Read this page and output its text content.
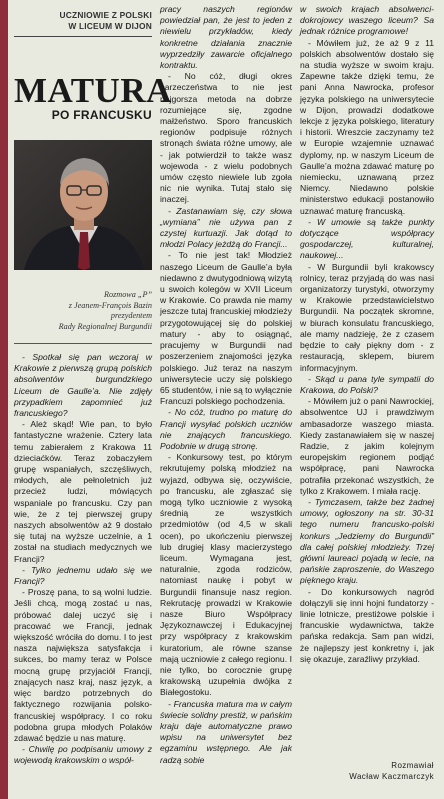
UCZNIOWIE Z POLSKI
W LICEUM W DIJON
MATURA
PO FRANCUSKU
Rozmowa „P”
z Jeanem-François Bazin
prezydentem
Rady Regionalnej Burgundii

- Spotkał się pan wczoraj w Krakowie z pierwszą grupą polskich absolwentów burgundzkiego Liceum de Gaulle’a. Nie zdjęły przypadkiem zapomnieć już francuskiego?

- Ależ skąd! Wie pan, to było fantastyczne wrażenie. Cztery lata temu zabierałem z Krakowa 11 dzieciaćków. Teraz zobaczyłem grupę wspaniałych, szczęśliwych, młodych, ale pełnoletnich już przecież ludzi, mówiących wspaniale po francusku. Czy pan wie, że z tej pierwszej grupy naszych absolwentów aż 9 dostało się tutaj na wyższe uczelnie, a 1 został na studiach medycznych we Francji?

- Tylko jednemu udało się we Francji?

- Proszę pana, to są wolni ludzie. Jeśli chcą, mogą zostać u nas, próbować dalej uczyć się i pracować we Francji, jednak większość wróciła do domu. I to jest nasza największa satysfakcja i sukces, bo mamy teraz w Polsce mocną grupę przyjaciół Francji, znających nasz kraj, nasz język, a więc bardzo potrzebnych do faktycznego rozwijania polsko-francuskiej współpracy. I co roku podobna grupa młodych Polaków zdawać będzie u nas maturę.

- Chwilę po podpisaniu umowy z wojewodą krakowskim o współ-

pracy naszych regionów powiedział pan, że jest to jeden z niewielu przykładów, kiedy konkretne działania znacznie wyprzedziły zawarcie oficjalnego kontraktu.

- No cóż, długi okres narzeczeństwa to nie jest najgorsza metoda na dobrze rozumiejące się, zgodne małżeństwo. Sporo francuskich regionów podpisuje różnych stronąch świata różne umowy, ale - jak potwierdził to także wasz wojewoda - z wielu podobnych umów często niewiele lub zgoła nic nie wynika. Tutaj stało się inaczej.

- Zastanawiam się, czy słowa „wymiana” nie używa pan z czystej kurtuazji. Jak dotąd to młodzi Polacy jeżdżą do Francji...

- To nie jest tak! Młodzież naszego Liceum de Gaulle’a była niedawno z dwutygodniową wizytą u swoich kolegów w XVII Liceum w Krakowie. Co prawda nie mamy jeszcze tutaj francuskiej młodzieży przygotowującej się do polskiej matury - aby to osiągnąć, pracujemy w Burgundii nad poszerzeniem znajomości języka polskiego. Już teraz na naszym uniwersytecie uczy się polskiego 65 studentów, i nie są to wyłącznie Francuzi polskiego pochodzenia.

- No cóż, trudno po maturę do Francji wysyłać polskich uczniów nie znających francuskiego. Podobnie w drugą stronę.

- Konkursowy test, po którym rekrutujemy polską młodzież na wyjazd, odbywa się, oczywiście, po francusku, ale zgłaszać się mogą tylko uczniowie z wysoką średnią ze wszystkich przedmiotów (od 4,5 w skali ocen), po ukończeniu pierwszej lub drugiej klasy macierzystego liceum. Wymagana jest, naturalnie, zgoda rodziców, natomiast naukę i pobyt w Burgundii finansuje nasz region. Rekrutację prowadzi w Krakowie nasze Biuro Współpracy Językoznawczej i Edukacyjnej przy współpracy z krakowskim kuratorium, ale równe szanse mają uczniowie z całego regionu. I nie tylko, bo corocznie grupę krakowską uzupełnia dwójka z Białegostoku.

- Francuska matura ma w całym świecie solidny prestiż, w pańskim kraju daje automatyczne prawo wpisu na uniwersytet bez egzaminu wstępnego. Ale jak radzą sobie

w swoich krajach absolwenci-dokrojowcy waszego liceum? Sa jednak różnice programowe!

- Mówiłem już, że aż 9 z 11 polskich absolwentów dostało się na studia wyższe w swoim kraju. Zapewne także dzięki temu, że pani Anna Nawrocka, profesor języka polskiego na uniwersytecie w Dijon, prowadzi dodatkowe lekcje z języka polskiego, literatury i historii. Wreszcie zaczynamy też w Europie wzajemnie uznawać dyplomy, np. w naszym Liceum de Gaulle’a można zdawać maturę po niemiecku, uznawaną przez Niemcy. Niedawno polskie ministerstwo edukacji postanowiło uznawać maturę francuską.

- W umowie są także punkty dotyczące współpracy gospodarczej, kulturalnej, naukowej...

- W Burgundii byli krakowscy rolnicy, teraz przyjadą do was nasi organizatorzy turystyki, otworzymy w Krakowie przedstawicielstwo Burgundii. Na początek skromne, w biurach konsulatu francuskiego, ale mamy nadzieję, że z czasem będzie to cały piękny dom - z restauracją, sklepem, biurem informacyjnym.

- Skąd u pana tyle sympatii do Krakowa, do Polski?

- Mówiłem już o pani Nawrockiej, absolwentce UJ i prawdziwym ambasadorze waszego miasta. Kiedy zastanawiałem się w naszej Radzie, z jakim kolejnym europejskim regionem podjąć współpracę, pani Nawrocka potrafiła przekonać wszystkich, że tylko z Krakowem. I miała rację.

- Tymczasem, także bez żadnej umowy, ogłoszony na str. 30-31 tego numeru francusko-polski konkurs „Jedziemy do Burgundii” dla całej polskiej młodzieży. Trzej główni laureaci pojadą w lecie, na pańskie zaproszenie, do Waszego pięknego kraju.

- Do konkursowych nagród dołączyli się inni hojni fundatorzy - linie lotnicze, prestiżowe polskie i francuskie wydawnictwa, także pańska redakcja. Sam pan widzi, że najlepszy jest konkretny i, jak się okazuje, zaraźliwy przykład.

Rozmawiał
Wacław Kaczmarczyk
